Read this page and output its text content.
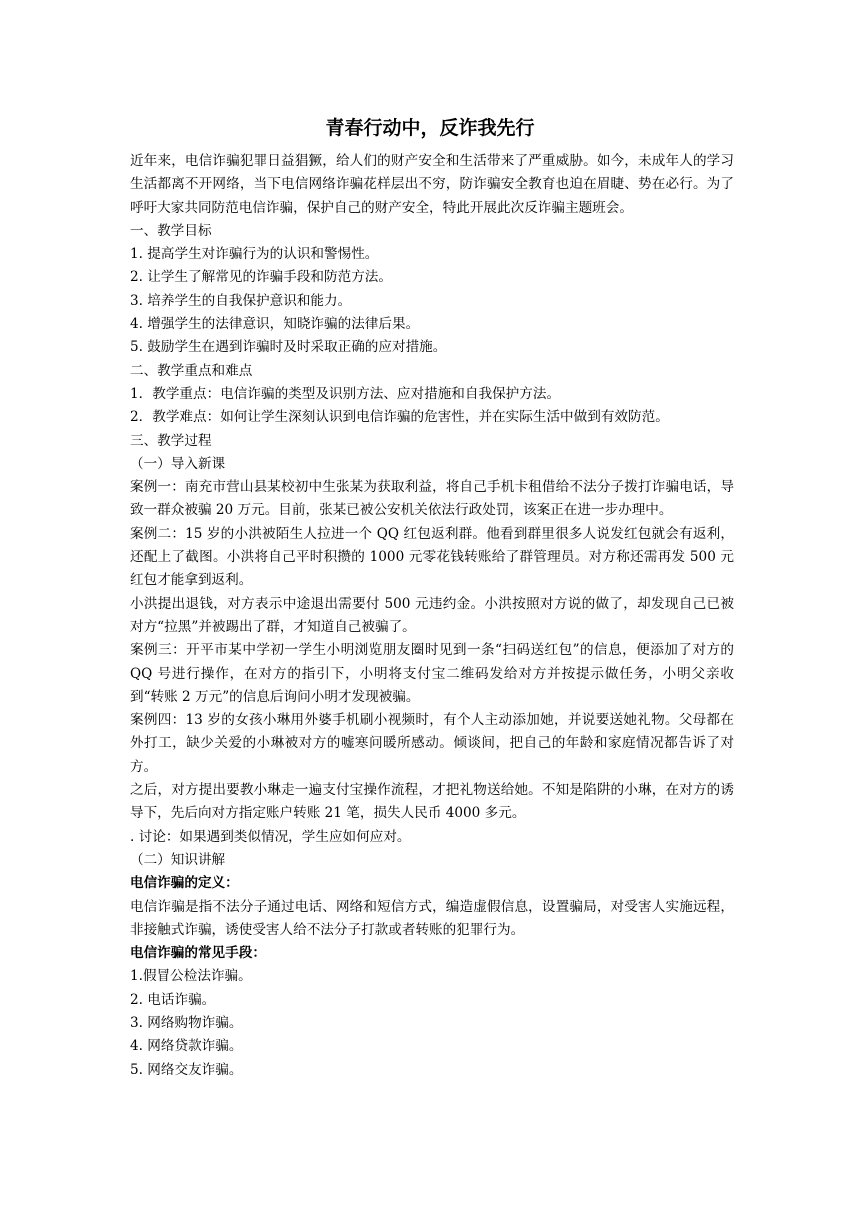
青春行动中，反诈我先行

近年来，电信诈骗犯罪日益猖獗，给人们的财产安全和生活带来了严重威胁。如今，未成年人的学习生活都离不开网络，当下电信网络诈骗花样层出不穷，防诈骗安全教育也迫在眉睫、势在必行。为了呼吁大家共同防范电信诈骗，保护自己的财产安全，特此开展此次反诈骗主题班会。

一、教学目标

1. 提高学生对诈骗行为的认识和警惕性。

2. 让学生了解常见的诈骗手段和防范方法。

3. 培养学生的自我保护意识和能力。

4. 增强学生的法律意识，知晓诈骗的法律后果。

5. 鼓励学生在遇到诈骗时及时采取正确的应对措施。

二、教学重点和难点

1．教学重点：电信诈骗的类型及识别方法、应对措施和自我保护方法。

2．教学难点：如何让学生深刻认识到电信诈骗的危害性，并在实际生活中做到有效防范。

三、教学过程

（一）导入新课

案例一：南充市营山县某校初中生张某为获取利益，将自己手机卡租借给不法分子拨打诈骗电话，导致一群众被骗 20 万元。目前，张某已被公安机关依法行政处罚，该案正在进一步办理中。

案例二：15 岁的小洪被陌生人拉进一个 QQ 红包返利群。他看到群里很多人说发红包就会有返利，还配上了截图。小洪将自己平时积攒的 1000 元零花钱转账给了群管理员。对方称还需再发 500 元红包才能拿到返利。

小洪提出退钱，对方表示中途退出需要付 500 元违约金。小洪按照对方说的做了，却发现自己已被对方“拉黑”并被踢出了群，才知道自己被骗了。

案例三：开平市某中学初一学生小明浏览朋友圈时见到一条“扫码送红包”的信息，便添加了对方的 QQ 号进行操作，在对方的指引下，小明将支付宝二维码发给对方并按提示做任务，小明父亲收到“转账 2 万元”的信息后询问小明才发现被骗。

案例四：13 岁的女孩小琳用外婆手机刷小视频时，有个人主动添加她，并说要送她礼物。父母都在外打工，缺少关爱的小琳被对方的嘘寒问暖所感动。倾谈间，把自己的年龄和家庭情况都告诉了对方。

之后，对方提出要教小琳走一遍支付宝操作流程，才把礼物送给她。不知是陷阱的小琳，在对方的诱导下，先后向对方指定账户转账 21 笔，损失人民币 4000 多元。

. 讨论：如果遇到类似情况，学生应如何应对。

（二）知识讲解

电信诈骗的定义：

电信诈骗是指不法分子通过电话、网络和短信方式，编造虚假信息，设置骗局，对受害人实施远程，非接触式诈骗，诱使受害人给不法分子打款或者转账的犯罪行为。

电信诈骗的常见手段：

1.假冒公检法诈骗。

2. 电话诈骗。

3. 网络购物诈骗。

4. 网络贷款诈骗。

5. 网络交友诈骗。
